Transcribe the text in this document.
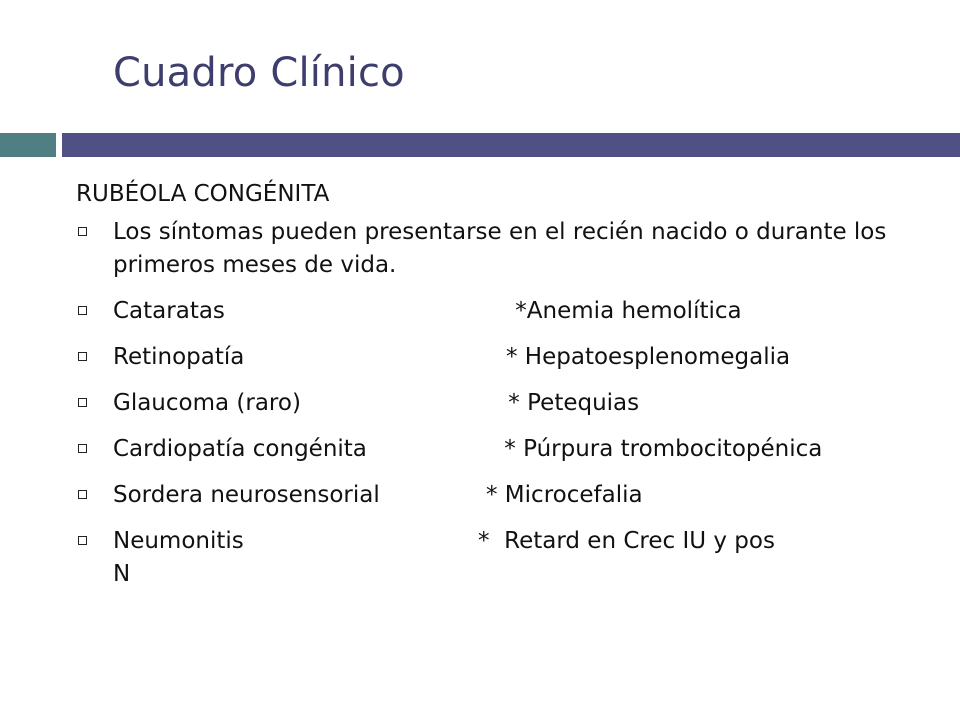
Cuadro Clínico
RUBÉOLA CONGÉNITA
Los síntomas pueden presentarse en el recién nacido o durante los primeros meses de vida.
Cataratas	*Anemia hemolítica
Retinopatía	* Hepatoesplenomegalia
Glaucoma (raro)	* Petequias
Cardiopatía congénita	* Púrpura trombocitopénica
Sordera neurosensorial	* Microcefalia
Neumonitis	*  Retard en Crec IU y pos
N
